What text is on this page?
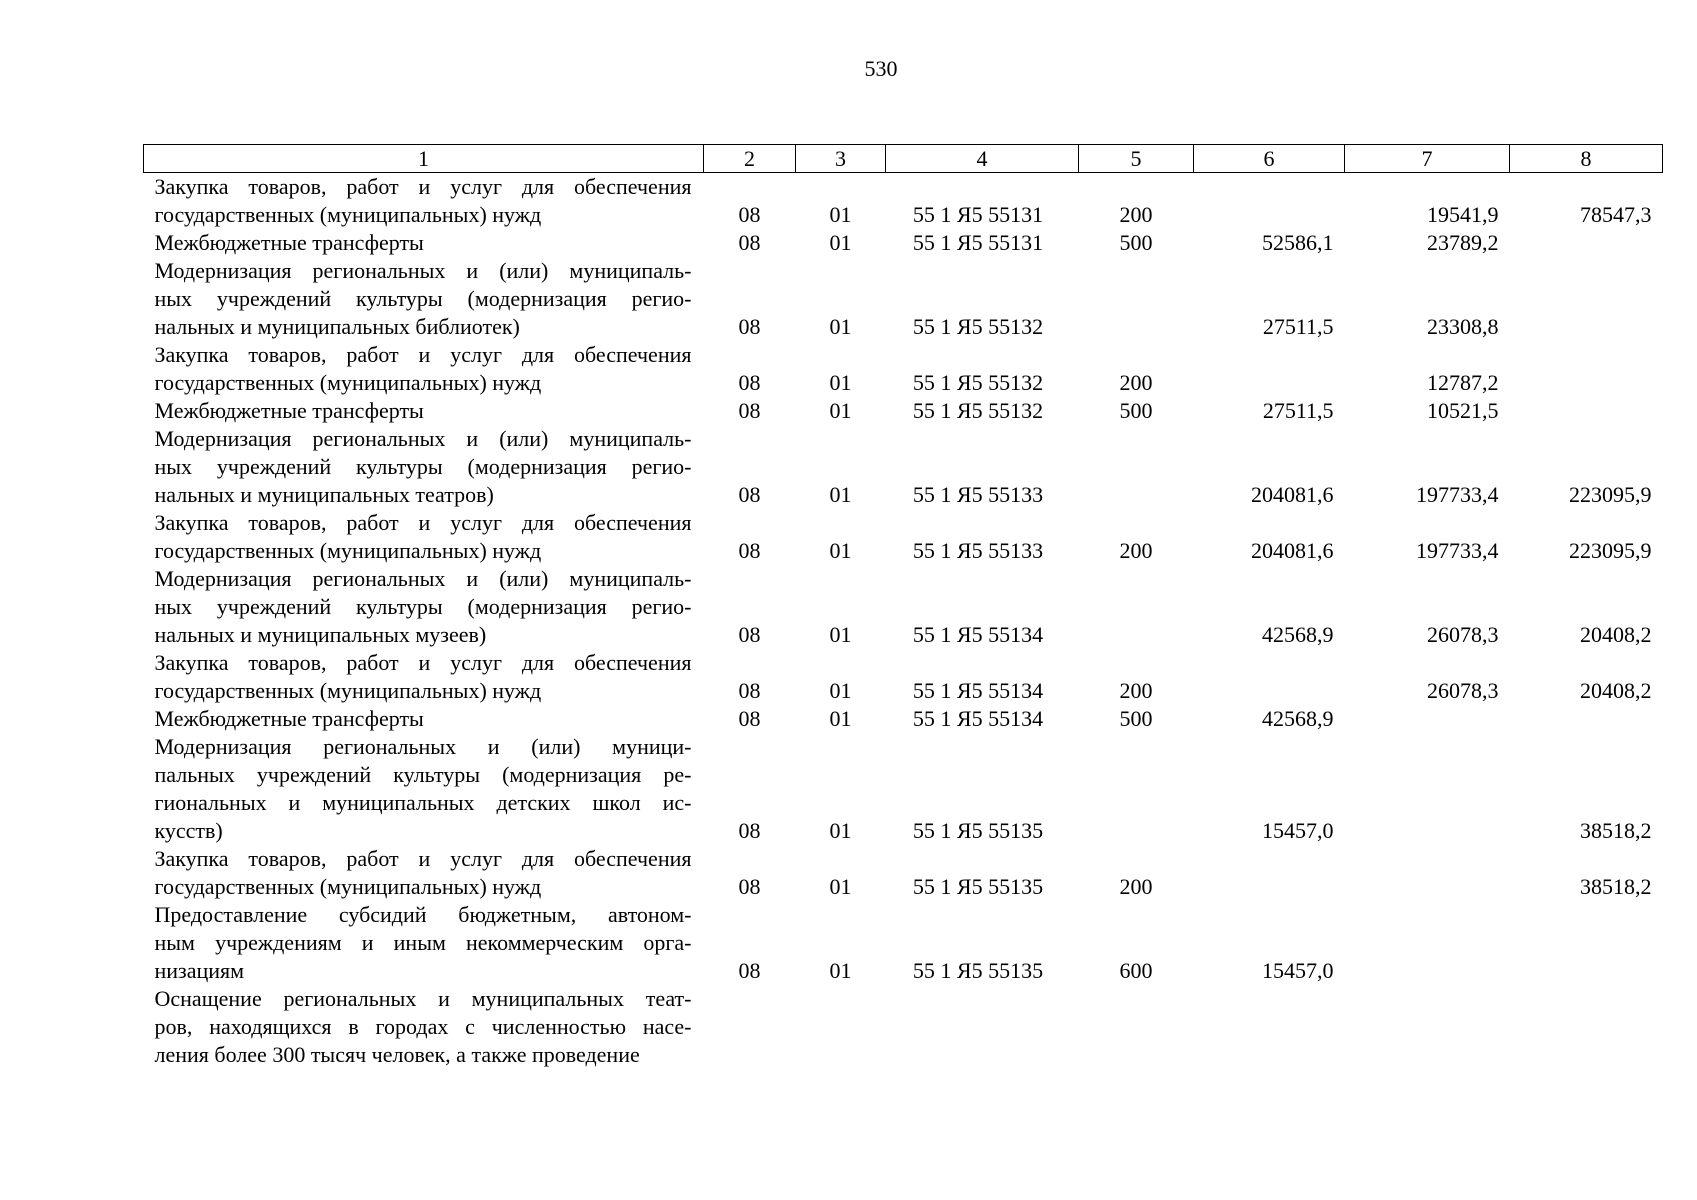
530
1	2	3	4	5	6	7	8

Закупка товаров, работ и услуг для обеспечения
государственных (муниципальных) нужд	08	01	55 1 Я5 55131	200		19541,9	78547,3

Межбюджетные трансферты	08	01	55 1 Я5 55131	500	52586,1	23789,2	

Модернизация региональных и (или) муниципаль-
ных учреждений культуры (модернизация регио-
нальных и муниципальных библиотек)	08	01	55 1 Я5 55132		27511,5	23308,8	

Закупка товаров, работ и услуг для обеспечения
государственных (муниципальных) нужд	08	01	55 1 Я5 55132	200		12787,2	

Межбюджетные трансферты	08	01	55 1 Я5 55132	500	27511,5	10521,5	

Модернизация региональных и (или) муниципаль-
ных учреждений культуры (модернизация регио-
нальных и муниципальных театров)	08	01	55 1 Я5 55133		204081,6	197733,4	223095,9

Закупка товаров, работ и услуг для обеспечения
государственных (муниципальных) нужд	08	01	55 1 Я5 55133	200	204081,6	197733,4	223095,9

Модернизация региональных и (или) муниципаль-
ных учреждений культуры (модернизация регио-
нальных и муниципальных музеев)	08	01	55 1 Я5 55134		42568,9	26078,3	20408,2

Закупка товаров, работ и услуг для обеспечения
государственных (муниципальных) нужд	08	01	55 1 Я5 55134	200		26078,3	20408,2

Межбюджетные трансферты	08	01	55 1 Я5 55134	500	42568,9		

Модернизация региональных и (или) муници-
пальных учреждений культуры (модернизация ре-
гиональных и муниципальных детских школ ис-
кусств)	08	01	55 1 Я5 55135		15457,0		38518,2

Закупка товаров, работ и услуг для обеспечения
государственных (муниципальных) нужд	08	01	55 1 Я5 55135	200			38518,2

Предоставление субсидий бюджетным, автоном-
ным учреждениям и иным некоммерческим орга-
низациям	08	01	55 1 Я5 55135	600	15457,0		

Оснащение региональных и муниципальных теат-
ров, находящихся в городах с численностью насе-
ления более 300 тысяч человек, а также проведение							
